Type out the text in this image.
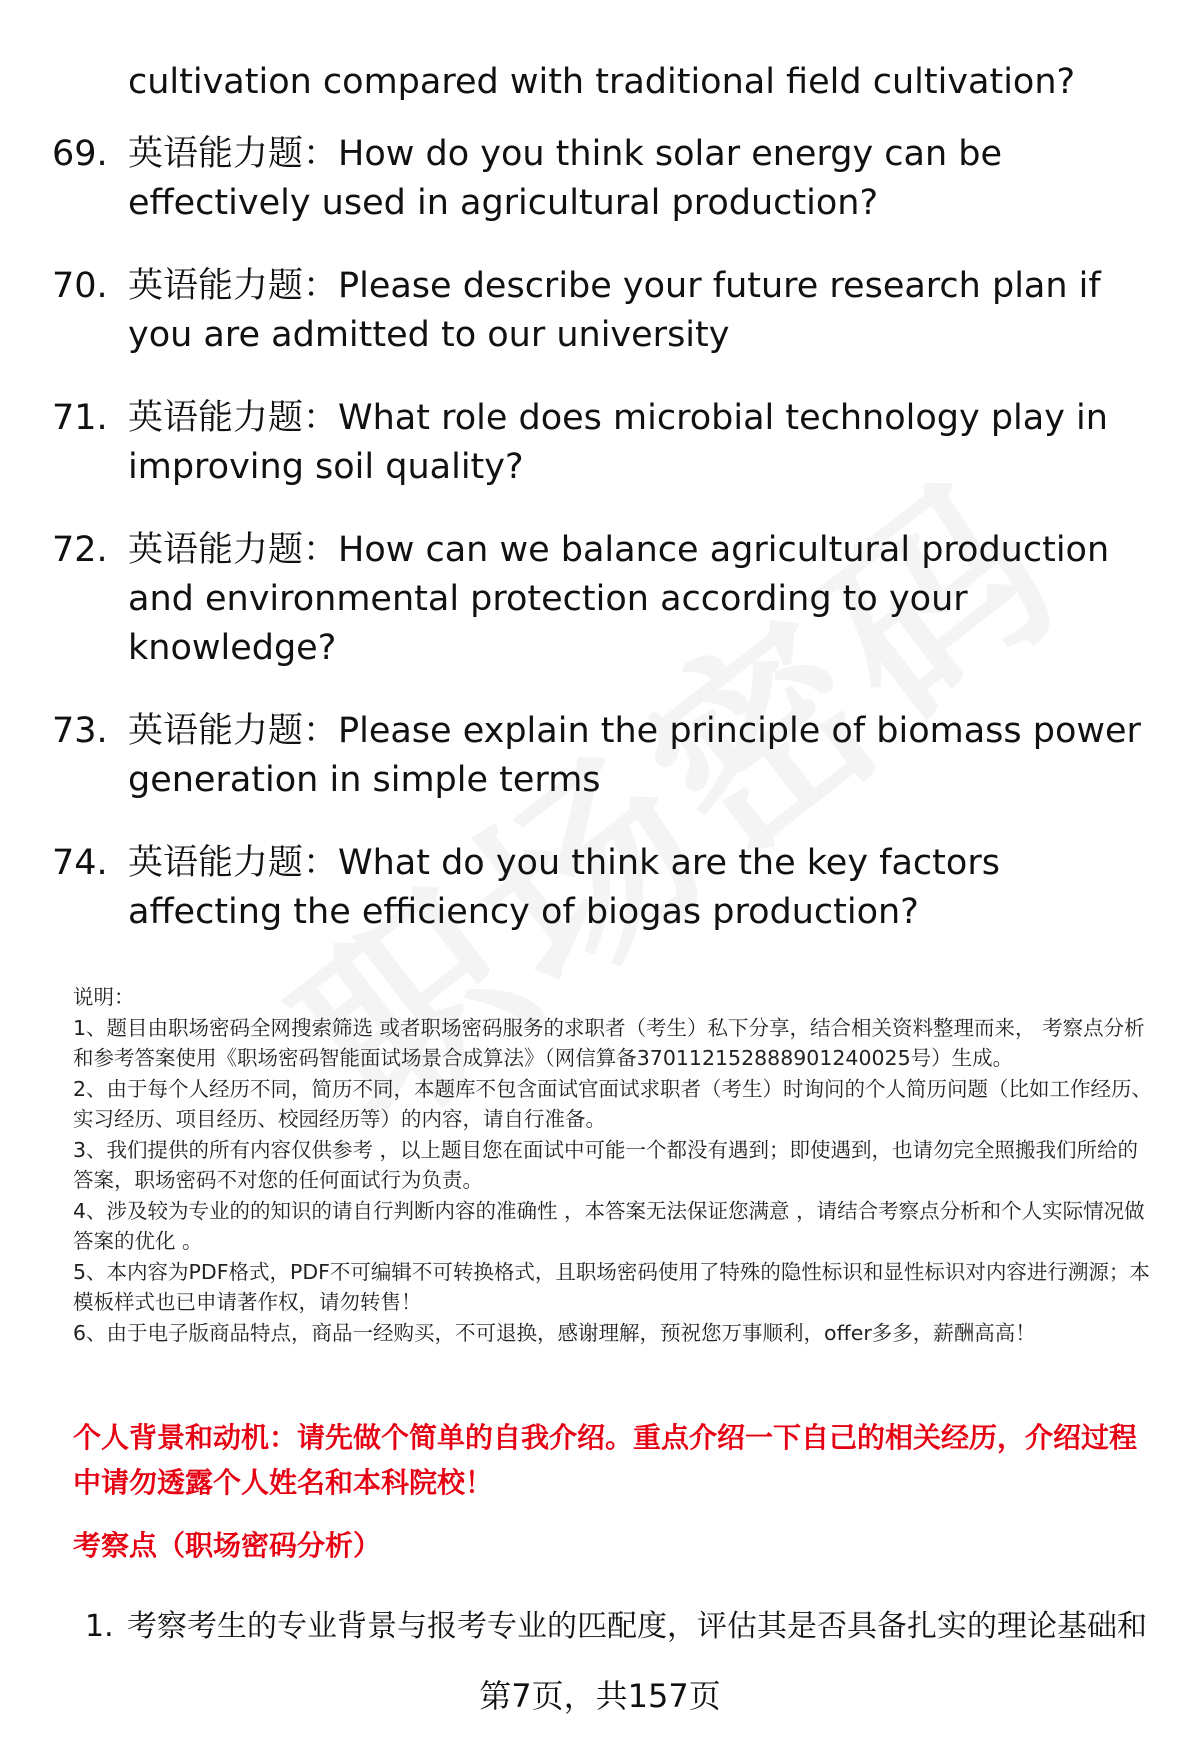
cultivation compared with traditional field cultivation?
69. 英语能力题：How do you think solar energy can be effectively used in agricultural production?
70. 英语能力题：Please describe your future research plan if you are admitted to our university
71. 英语能力题：What role does microbial technology play in improving soil quality?
72. 英语能力题：How can we balance agricultural production and environmental protection according to your knowledge?
73. 英语能力题：Please explain the principle of biomass power generation in simple terms
74. 英语能力题：What do you think are the key factors affecting the efficiency of biogas production?

说明：

1、题目由职场密码全网搜索筛选 或者职场密码服务的求职者（考生）私下分享，结合相关资料整理而来， 考察点分析和参考答案使用《职场密码智能面试场景合成算法》（网信算备370112152888901240025号）生成。

2、由于每个人经历不同，简历不同，本题库不包含面试官面试求职者（考生）时询问的个人简历问题（比如工作经历、实习经历、项目经历、校园经历等）的内容，请自行准备。

3、我们提供的所有内容仅供参考 ，以上题目您在面试中可能一个都没有遇到；即使遇到，也请勿完全照搬我们所给的答案，职场密码不对您的任何面试行为负责。

4、涉及较为专业的的知识的请自行判断内容的准确性 ，本答案无法保证您满意 ，请结合考察点分析和个人实际情况做答案的优化 。

5、本内容为PDF格式，PDF不可编辑不可转换格式，且职场密码使用了特殊的隐性标识和显性标识对内容进行溯源；本模板样式也已申请著作权，请勿转售！

6、由于电子版商品特点，商品一经购买，不可退换，感谢理解，预祝您万事顺利，offer多多，薪酬高高！

个人背景和动机：请先做个简单的自我介绍。重点介绍一下自己的相关经历，介绍过程中请勿透露个人姓名和本科院校！
考察点（职场密码分析）
1. 考察考生的专业背景与报考专业的匹配度，评估其是否具备扎实的理论基础和
第7页，共157页
